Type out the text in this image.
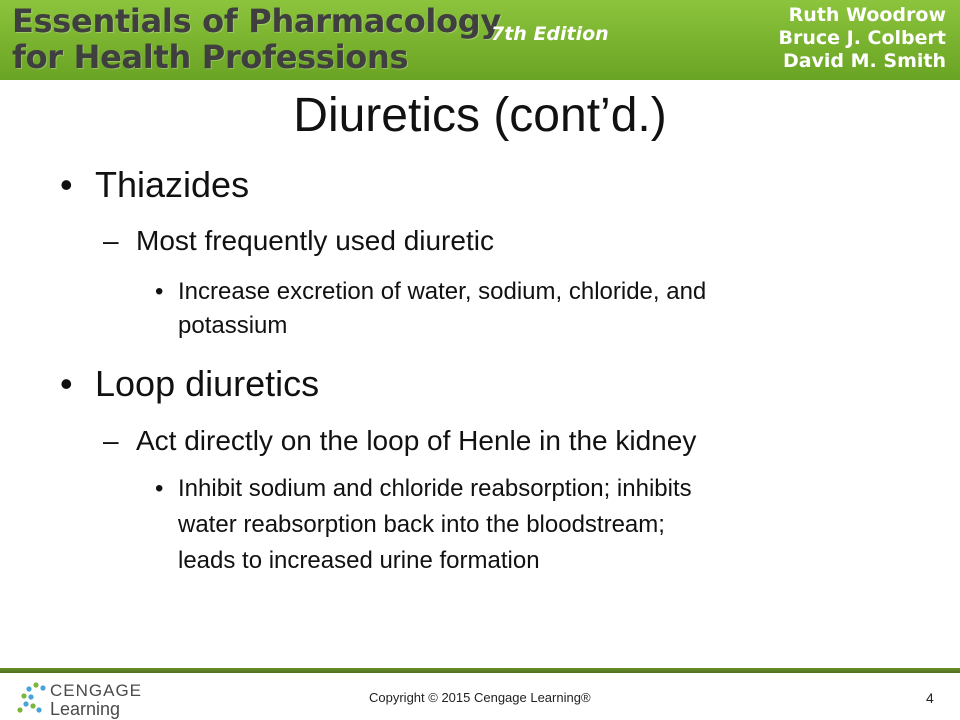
Essentials of Pharmacology
for Health Professions
7th Edition
Ruth Woodrow
Bruce J. Colbert
David M. Smith
Diuretics (cont’d.)
• Thiazides
– Most frequently used diuretic
• Increase excretion of water, sodium, chloride, and
potassium
• Loop diuretics
– Act directly on the loop of Henle in the kidney
• Inhibit sodium and chloride reabsorption; inhibits
water reabsorption back into the bloodstream;
leads to increased urine formation
CENGAGE
Learning
Copyright © 2015 Cengage Learning®	4
